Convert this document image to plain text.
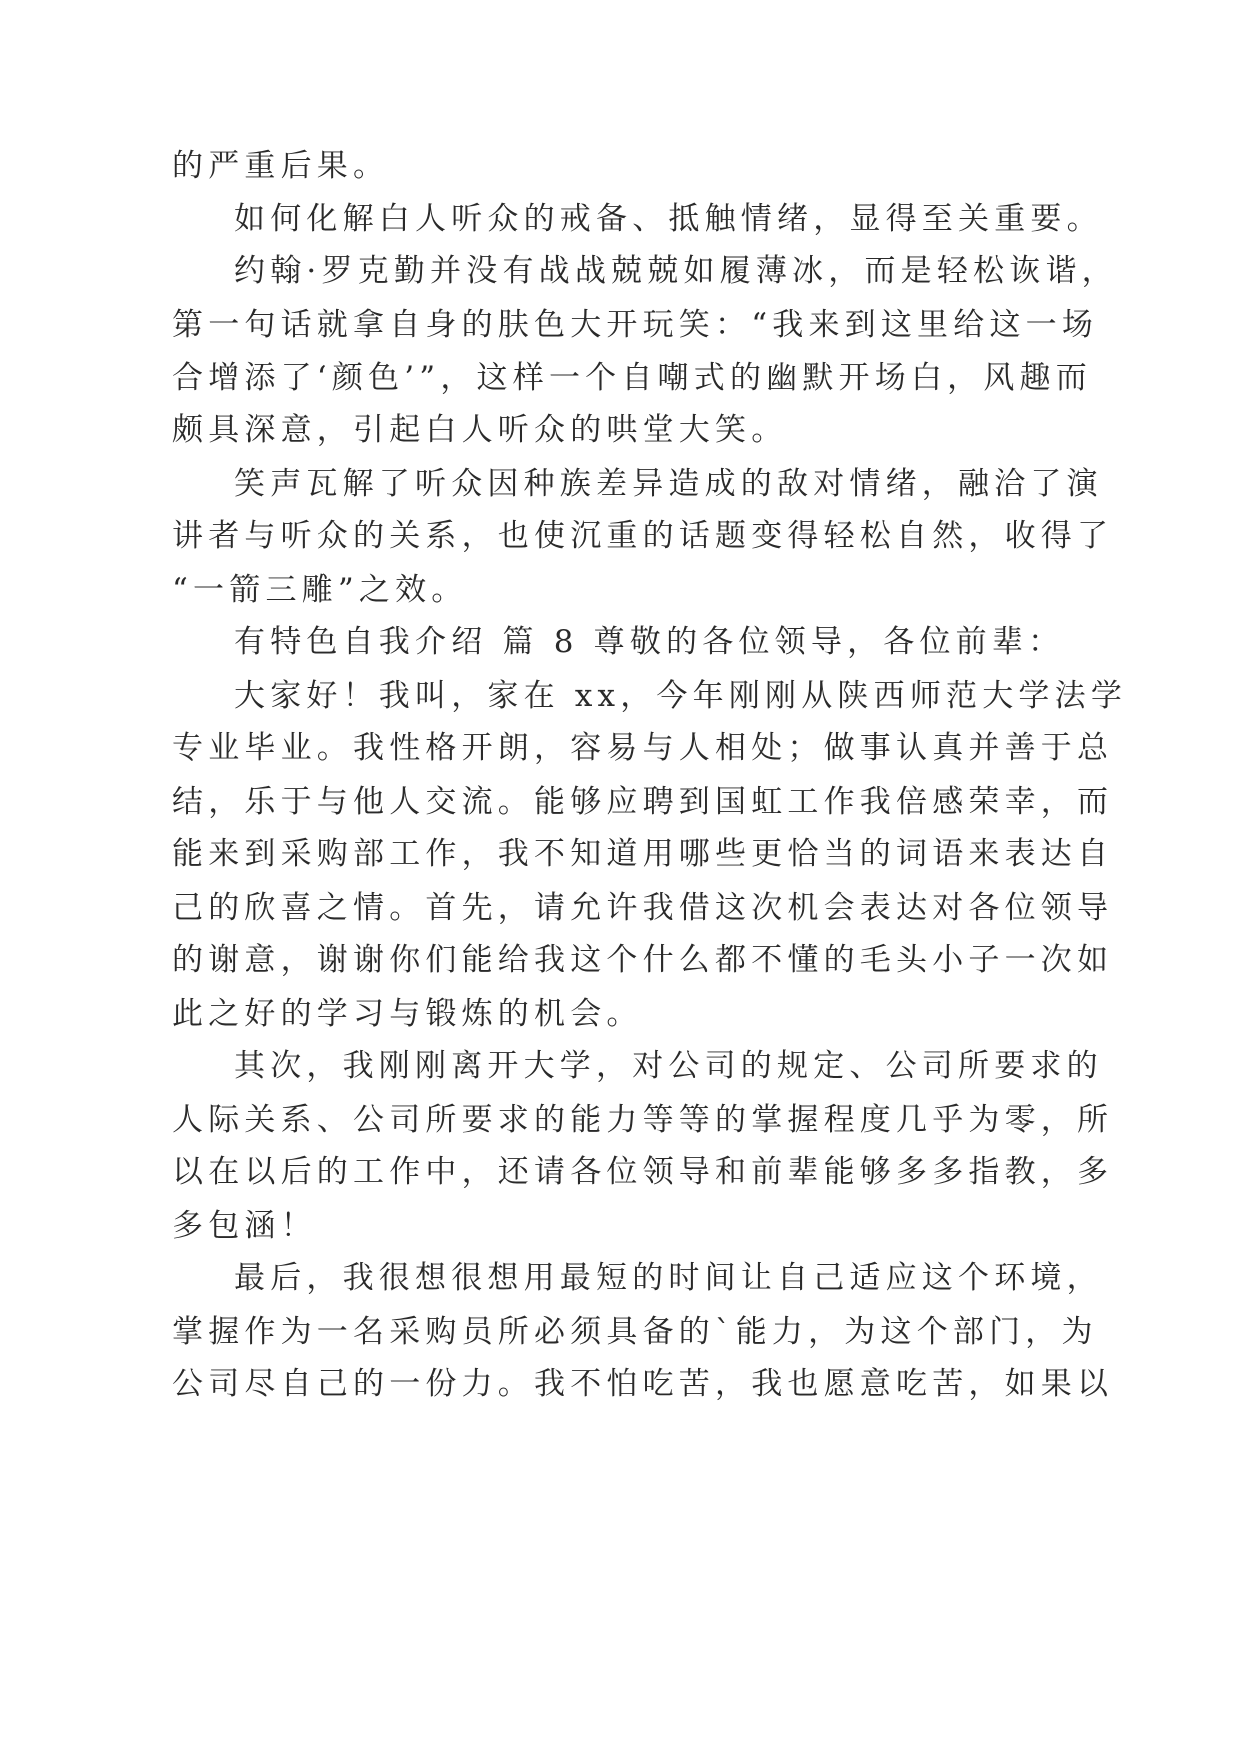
的严重后果。

如何化解白人听众的戒备、抵触情绪，显得至关重要。

约翰·罗克勤并没有战战兢兢如履薄冰，而是轻松诙谐，

第一句话就拿自身的肤色大开玩笑：“我来到这里给这一场

合增添了‘颜色’”，这样一个自嘲式的幽默开场白，风趣而

颇具深意，引起白人听众的哄堂大笑。

笑声瓦解了听众因种族差异造成的敌对情绪，融洽了演

讲者与听众的关系，也使沉重的话题变得轻松自然，收得了

“一箭三雕”之效。

有特色自我介绍 篇 8 尊敬的各位领导，各位前辈：

大家好！我叫，家在 xx，今年刚刚从陕西师范大学法学

专业毕业。我性格开朗，容易与人相处；做事认真并善于总

结，乐于与他人交流。能够应聘到国虹工作我倍感荣幸，而

能来到采购部工作，我不知道用哪些更恰当的词语来表达自

己的欣喜之情。首先，请允许我借这次机会表达对各位领导

的谢意，谢谢你们能给我这个什么都不懂的毛头小子一次如

此之好的学习与锻炼的机会。

其次，我刚刚离开大学，对公司的规定、公司所要求的

人际关系、公司所要求的能力等等的掌握程度几乎为零，所

以在以后的工作中，还请各位领导和前辈能够多多指教，多

多包涵！

最后，我很想很想用最短的时间让自己适应这个环境，

掌握作为一名采购员所必须具备的`能力，为这个部门，为

公司尽自己的一份力。我不怕吃苦，我也愿意吃苦，如果以
